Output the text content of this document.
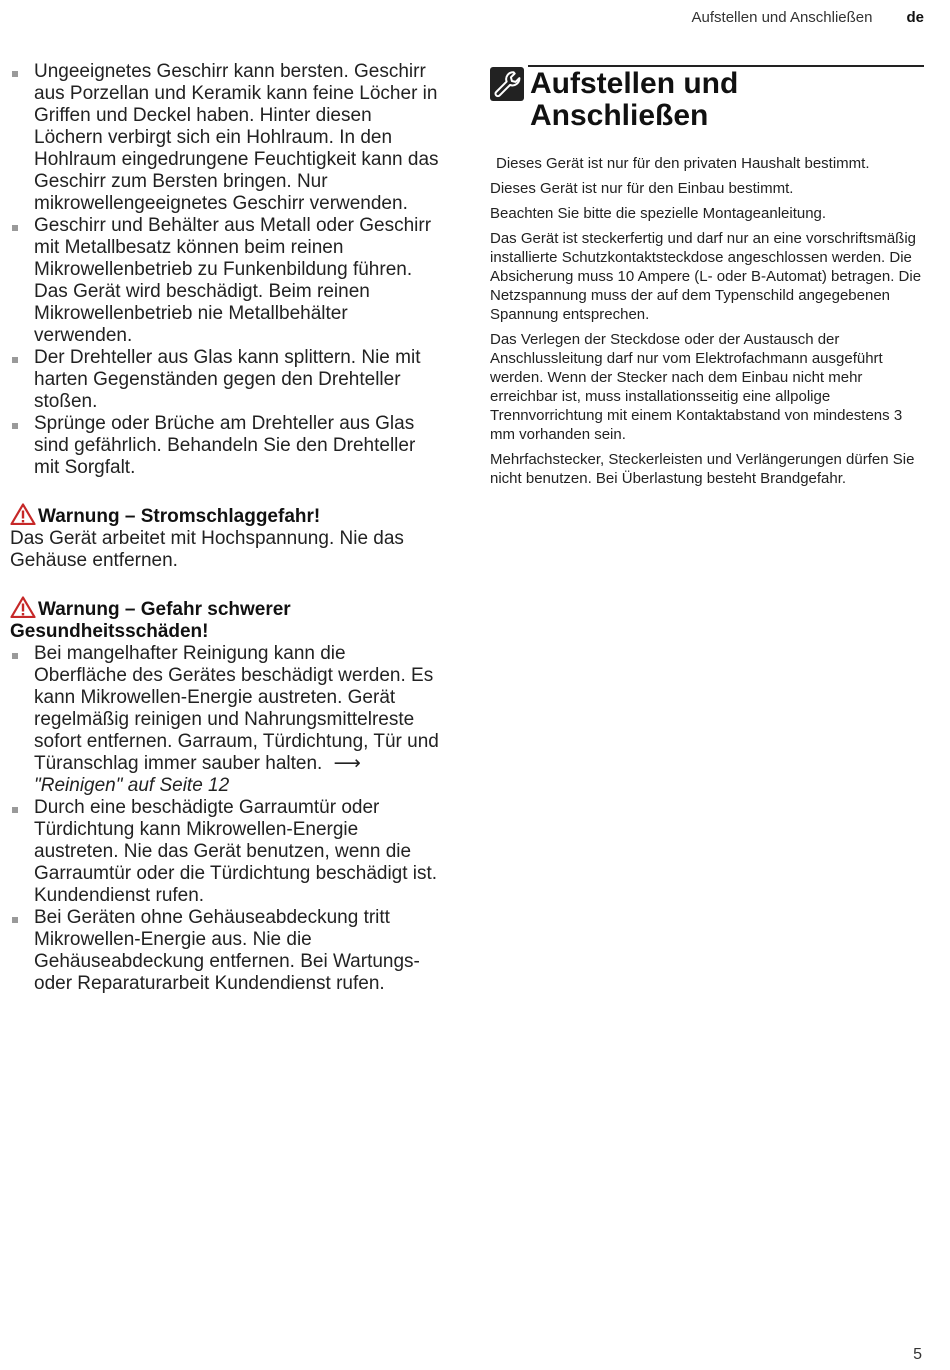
Aufstellen und Anschließen de
Ungeeignetes Geschirr kann bersten. Geschirr aus Porzellan und Keramik kann feine Löcher in Griffen und Deckel haben. Hinter diesen Löchern verbirgt sich ein Hohlraum. In den Hohlraum eingedrungene Feuchtigkeit kann das Geschirr zum Bersten bringen. Nur mikrowellengeeignetes Geschirr verwenden.
Geschirr und Behälter aus Metall oder Geschirr mit Metallbesatz können beim reinen Mikrowellenbetrieb zu Funkenbildung führen. Das Gerät wird beschädigt. Beim reinen Mikrowellenbetrieb nie Metallbehälter verwenden.
Der Drehteller aus Glas kann splittern. Nie mit harten Gegenständen gegen den Drehteller stoßen.
Sprünge oder Brüche am Drehteller aus Glas sind gefährlich. Behandeln Sie den Drehteller mit Sorgfalt.
Warnung – Stromschlaggefahr!
Das Gerät arbeitet mit Hochspannung. Nie das Gehäuse entfernen.
Warnung – Gefahr schwerer Gesundheitsschäden!
Bei mangelhafter Reinigung kann die Oberfläche des Gerätes beschädigt werden. Es kann Mikrowellen-Energie austreten. Gerät regelmäßig reinigen und Nahrungsmittelreste sofort entfernen. Garraum, Türdichtung, Tür und Türanschlag immer sauber halten. ⟶"Reinigen" auf Seite 12
Durch eine beschädigte Garraumtür oder Türdichtung kann Mikrowellen-Energie austreten. Nie das Gerät benutzen, wenn die Garraumtür oder die Türdichtung beschädigt ist. Kundendienst rufen.
Bei Geräten ohne Gehäuseabdeckung tritt Mikrowellen-Energie aus. Nie die Gehäuseabdeckung entfernen. Bei Wartungs- oder Reparaturarbeit Kundendienst rufen.
Aufstellen und
Anschließen

Dieses Gerät ist nur für den privaten Haushalt bestimmt.

Dieses Gerät ist nur für den Einbau bestimmt.

Beachten Sie bitte die spezielle Montageanleitung.

Das Gerät ist steckerfertig und darf nur an eine vorschriftsmäßig installierte Schutzkontaktsteckdose angeschlossen werden. Die Absicherung muss 10 Ampere (L- oder B-Automat) betragen. Die Netzspannung muss der auf dem Typenschild angegebenen Spannung entsprechen.

Das Verlegen der Steckdose oder der Austausch der Anschlussleitung darf nur vom Elektrofachmann ausgeführt werden. Wenn der Stecker nach dem Einbau nicht mehr erreichbar ist, muss installationsseitig eine allpolige Trennvorrichtung mit einem Kontaktabstand von mindestens 3 mm vorhanden sein.

Mehrfachstecker, Steckerleisten und Verlängerungen dürfen Sie nicht benutzen. Bei Überlastung besteht Brandgefahr.

5
